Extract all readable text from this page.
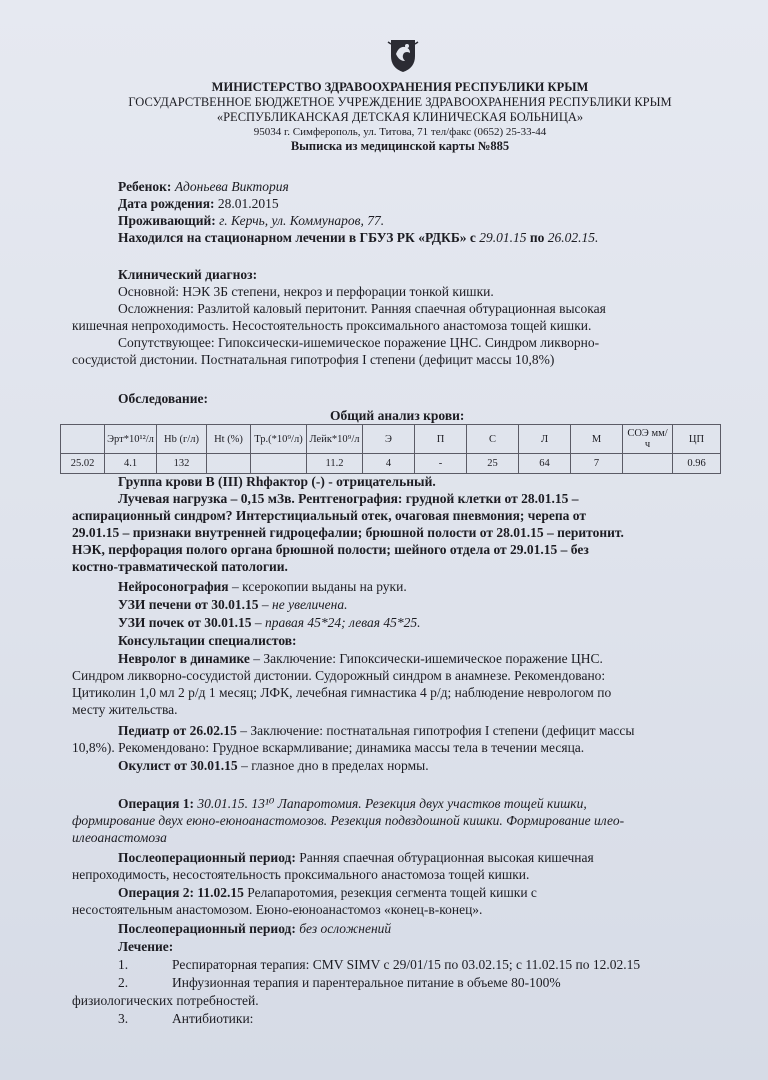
МИНИСТЕРСТВО ЗДРАВООХРАНЕНИЯ РЕСПУБЛИКИ КРЫМ
ГОСУДАРСТВЕННОЕ БЮДЖЕТНОЕ УЧРЕЖДЕНИЕ ЗДРАВООХРАНЕНИЯ РЕСПУБЛИКИ КРЫМ
«РЕСПУБЛИКАНСКАЯ ДЕТСКАЯ КЛИНИЧЕСКАЯ БОЛЬНИЦА»
95034 г. Симферополь, ул. Титова, 71 тел/факс (0652) 25-33-44
Выписка из медицинской карты №885
Ребенок: Адоньева Виктория
Дата рождения: 28.01.2015
Проживающий: г. Керчь, ул. Коммунаров, 77.
Находился на стационарном лечении в ГБУЗ РК «РДКБ» с 29.01.15 по 26.02.15.
Клинический диагноз:
Основной: НЭК 3Б степени, некроз и перфорации тонкой кишки.
Осложнения: Разлитой каловый перитонит. Ранняя спаечная обтурационная высокая
кишечная непроходимость. Несостоятельность проксимального анастомоза тощей кишки.
Сопутствующее: Гипоксически-ишемическое поражение ЦНС. Синдром ликворно-
сосудистой дистонии. Постнатальная гипотрофия I степени (дефицит массы 10,8%)
Обследование:
Общий анализ крови:
	Эрт*10¹²/л	Hb (г/л)	Ht (%)	Тр.(*10⁹/л)	Лейк*10⁹/л	Э	П	С	Л	М	СОЭ мм/ч	ЦП
25.02	4.1	132			11.2	4	-	25	64	7		0.96
Группа крови В (III) Rhфактор (-) - отрицательный.
Лучевая нагрузка – 0,15 мЗв. Рентгенография: грудной клетки от 28.01.15 –
аспирационный синдром? Интерстициальный отек, очаговая пневмония; черепа от
29.01.15 – признаки внутренней гидроцефалии; брюшной полости от 28.01.15 – перитонит.
НЭК, перфорация полого органа брюшной полости; шейного отдела от 29.01.15 – без
костно-травматической патологии.
Нейросонография – ксерокопии выданы на руки.
УЗИ печени от 30.01.15 – не увеличена.
УЗИ почек от 30.01.15 – правая 45*24; левая 45*25.
Консультации специалистов:
Невролог в динамике – Заключение: Гипоксически-ишемическое поражение ЦНС.
Синдром ликворно-сосудистой дистонии. Судорожный синдром в анамнезе. Рекомендовано:
Цитиколин 1,0 мл 2 р/д 1 месяц; ЛФК, лечебная гимнастика 4 р/д; наблюдение неврологом по
месту жительства.
Педиатр от 26.02.15 – Заключение: постнатальная гипотрофия I степени (дефицит массы
10,8%). Рекомендовано: Грудное вскармливание; динамика массы тела в течении месяца.
Окулист от 30.01.15 – глазное дно в пределах нормы.
Операция 1: 30.01.15. 13¹⁰ Лапаротомия. Резекция двух участков тощей кишки,
формирование двух еюно-еюноанастомозов. Резекция подвздошной кишки. Формирование илео-
илеоанастомоза
Послеоперационный период: Ранняя спаечная обтурационная высокая кишечная
непроходимость, несостоятельность проксимального анастомоза тощей кишки.
Операция 2: 11.02.15 Релапаротомия, резекция сегмента тощей кишки с
несостоятельным анастомозом. Еюно-еюноанастомоз «конец-в-конец».
Послеоперационный период: без осложнений
Лечение:
1.	Респираторная терапия: CMV SIMV с 29/01/15 по 03.02.15; с 11.02.15 по 12.02.15
2.	Инфузионная терапия и парентеральное питание в объеме 80-100%
физиологических потребностей.
3.	Антибиотики:
